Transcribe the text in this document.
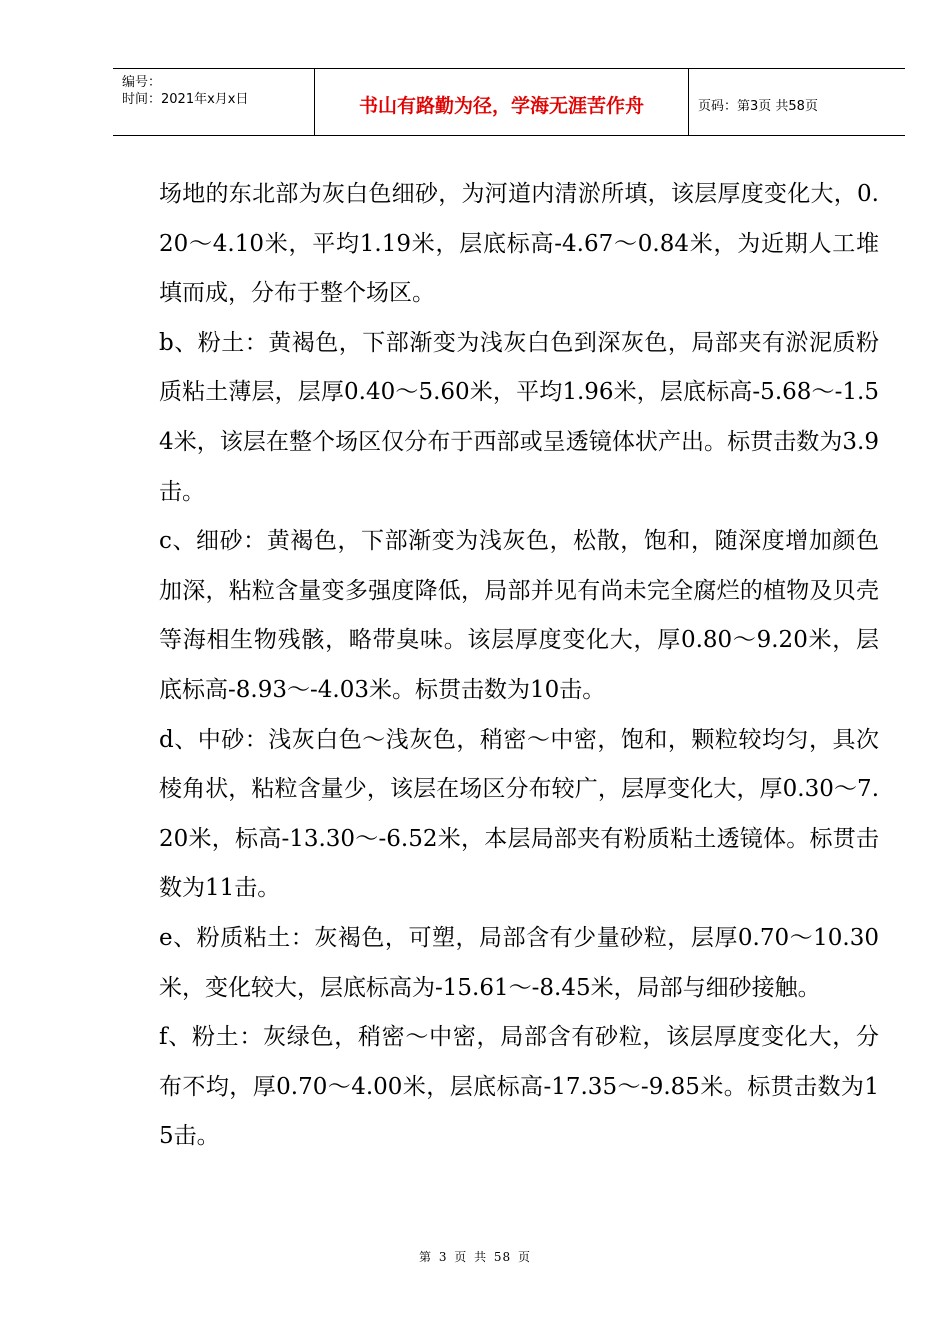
编号：
时间：2021年x月x日	书山有路勤为径，学海无涯苦作舟	页码：第3页 共58页

场地的东北部为灰白色细砂，为河道内清淤所填，该层厚度变化大，0.20～4.10米，平均1.19米，层底标高-4.67～0.84米，为近期人工堆填而成，分布于整个场区。

b、粉土：黄褐色，下部渐变为浅灰白色到深灰色，局部夹有淤泥质粉质粘土薄层，层厚0.40～5.60米，平均1.96米，层底标高-5.68～-1.54米，该层在整个场区仅分布于西部或呈透镜体状产出。标贯击数为3.9击。

c、细砂：黄褐色，下部渐变为浅灰色，松散，饱和，随深度增加颜色加深，粘粒含量变多强度降低，局部并见有尚未完全腐烂的植物及贝壳等海相生物残骸，略带臭味。该层厚度变化大，厚0.80～9.20米，层底标高-8.93～-4.03米。标贯击数为10击。

d、中砂：浅灰白色～浅灰色，稍密～中密，饱和，颗粒较均匀，具次棱角状，粘粒含量少，该层在场区分布较广，层厚变化大，厚0.30～7.20米，标高-13.30～-6.52米，本层局部夹有粉质粘土透镜体。标贯击数为11击。

e、粉质粘土：灰褐色，可塑，局部含有少量砂粒，层厚0.70～10.30米，变化较大，层底标高为-15.61～-8.45米，局部与细砂接触。

f、粉土：灰绿色，稍密～中密，局部含有砂粒，该层厚度变化大，分布不均，厚0.70～4.00米，层底标高-17.35～-9.85米。标贯击数为15击。

第 3 页 共 58 页
